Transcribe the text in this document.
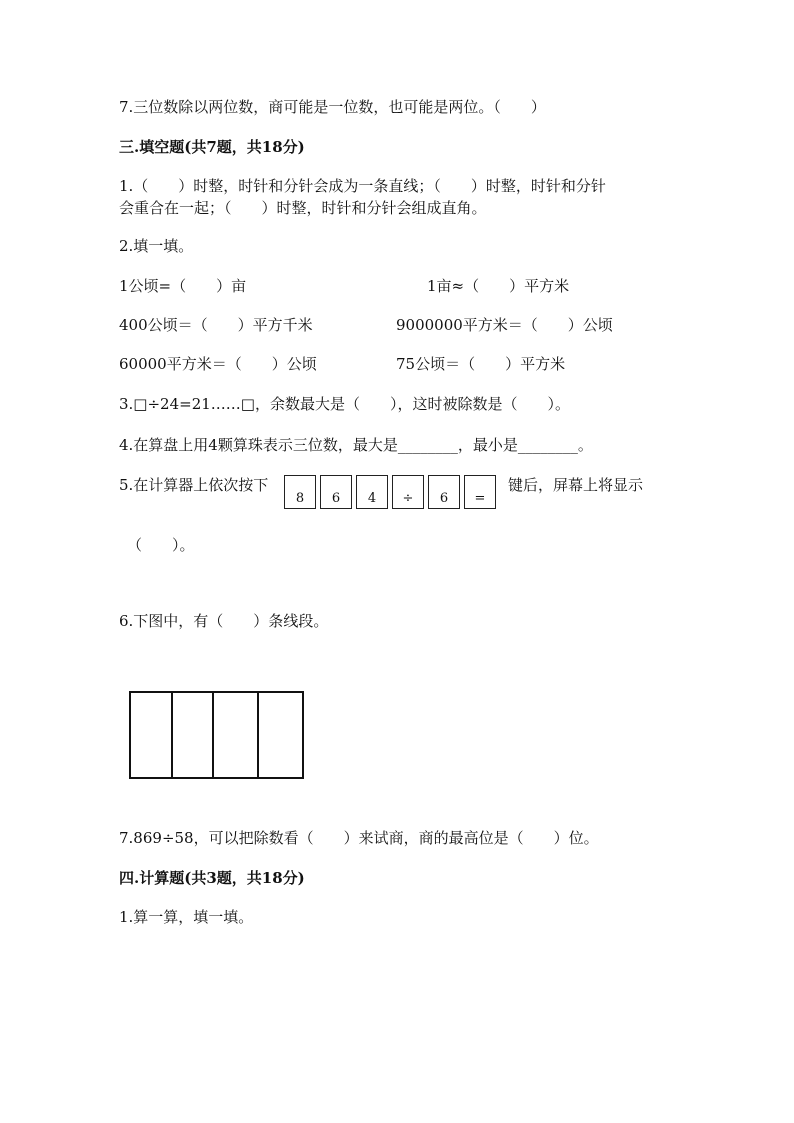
7.三位数除以两位数，商可能是一位数，也可能是两位。（　　）
三.填空题(共7题，共18分)
1.（　　）时整，时针和分针会成为一条直线；（　　）时整，时针和分针
会重合在一起；（　　）时整，时针和分针会组成直角。
2.填一填。
1公顷=（　　）亩	1亩≈（　　）平方米
400公顷＝（　　）平方千米	9000000平方米＝（　　）公顷
60000平方米＝（　　）公顷	75公顷＝（　　）平方米
3.□÷24=21……□，余数最大是（　　），这时被除数是（　　）。
4.在算盘上用4颗算珠表示三位数，最大是________，最小是________。
5.在计算器上依次按下
8	6	4	÷	6	=
键后，屏幕上将显示
（　　）。
6.下图中，有（　　）条线段。
7.869÷58，可以把除数看（　　）来试商，商的最高位是（　　）位。
四.计算题(共3题，共18分)
1.算一算，填一填。
